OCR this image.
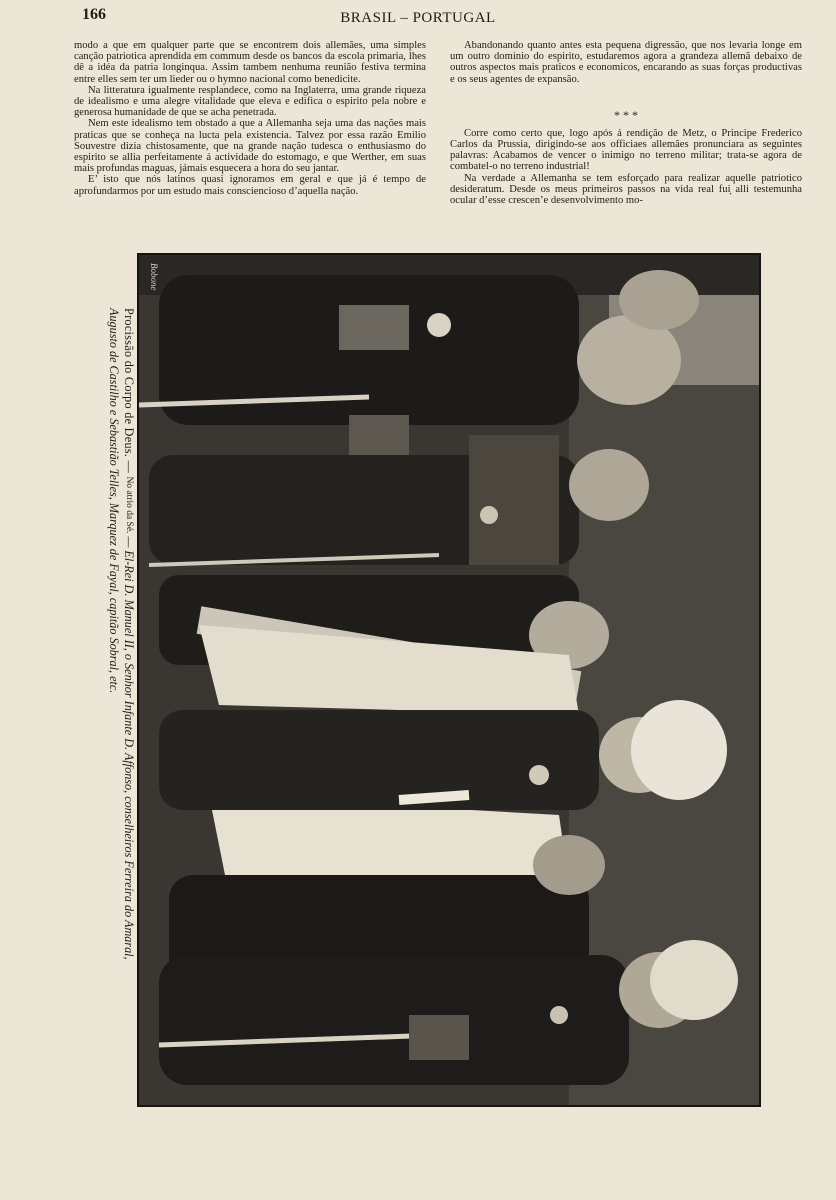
166	BRASIL – PORTUGAL

modo a que em qualquer parte que se encontrem dois allemães, uma simples canção patriotica aprendida em commum desde os bancos da escola primaria, lhes dê a idéa da patria longinqua. Assim tambem nenhuma reunião festiva termina entre elles sem ter um lieder ou o hymno nacional como benedicite.

Na litteratura igualmente resplandece, como na Inglaterra, uma grande riqueza de idealismo e uma alegre vitalidade que eleva e edifica o espirito pela nobre e generosa humanidade de que se acha penetrada.

Nem este idealismo tem obstado a que a Allemanha seja uma das nações mais praticas que se conheça na lucta pela existencia. Talvez por essa razão Emilio Souvestre dizia chistosamente, que na grande nação tudesca o enthusiasmo do espirito se allia perfeitamente á actividade do estomago, e que Werther, em suas mais profundas maguas, jámais esquecera a hora do seu jantar.

E’ isto que nós latinos quasi ignoramos em geral e que já é tempo de aprofundarmos por um estudo mais consciencioso d’aquella nação.

Abandonando quanto antes esta pequena digressão, que nos levaria longe em um outro dominio do espirito, estudaremos agora a grandeza allemã debaixo de outros aspectos mais praticos e economicos, encarando as suas forças productivas e os seus agentes de expansão.

* * *

Corre como certo que, logo após á rendição de Metz, o Principe Frederico Carlos da Prussia, dirigindo-se aos officiaes allemães pronunciara as seguintes palavras: Acabamos de vencer o inimigo no terreno militar; trata-se agora de combatel-o no terreno industrial!

Na verdade a Allemanha se tem esforçado para realizar aquelle patriotico desideratum. Desde os meus primeiros passos na vida real fui̟ alli testemunha ocular d’esse crescen’e desenvolvimento mo-

Procissão do Corpo de Deus. — No atrio da Sé. — El-Rei D. Manuel II, o Senhor Infante D. Affonso, conselheiros Ferreira do Amaral,
Augusto de Castilho e Sebastião Telles, Marquez de Fayal, capitão Sobral, etc.
Bobone
